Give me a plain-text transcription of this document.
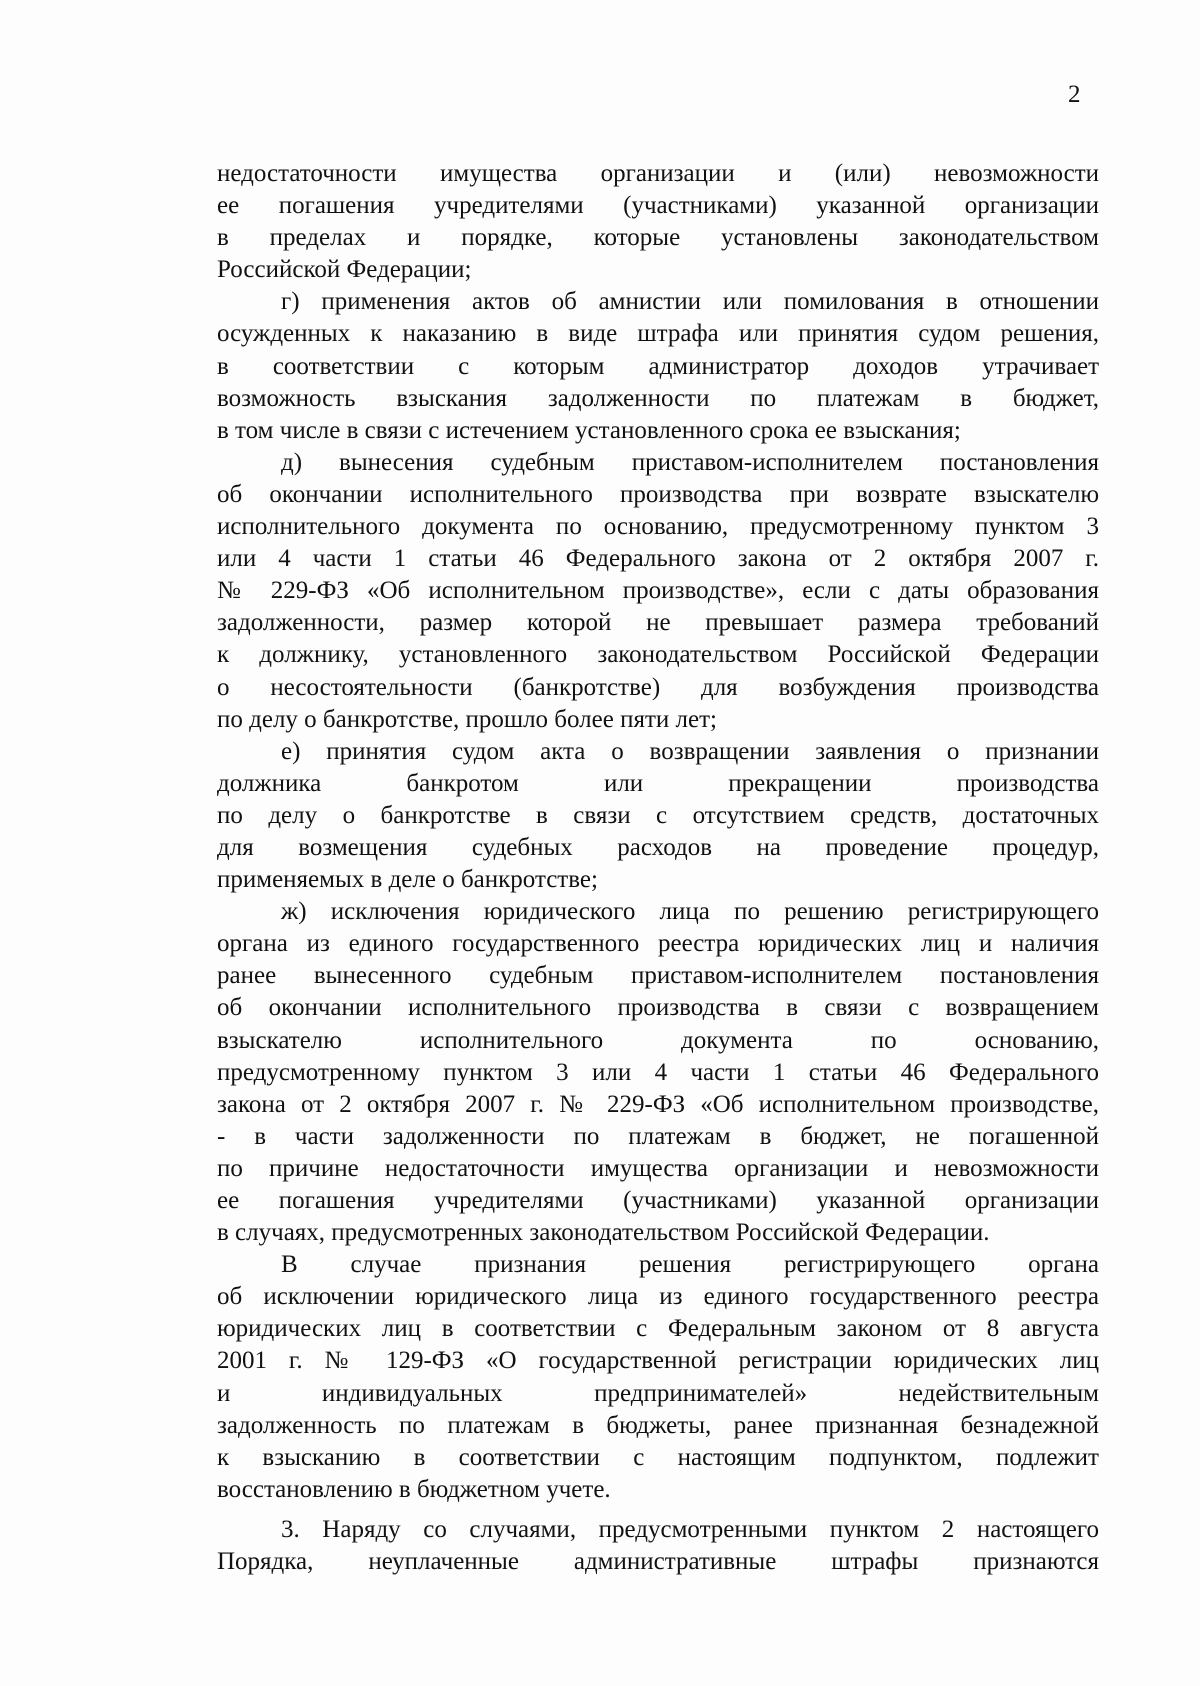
2
недостаточности имущества организации и (или) невозможности
ее погашения учредителями (участниками) указанной организации
в пределах и порядке, которые установлены законодательством
Российской Федерации;
г) применения актов об амнистии или помилования в отношении
осужденных к наказанию в виде штрафа или принятия судом решения,
в соответствии с которым администратор доходов утрачивает
возможность взыскания задолженности по платежам в бюджет,
в том числе в связи с истечением установленного срока ее взыскания;
д) вынесения судебным приставом-исполнителем постановления
об окончании исполнительного производства при возврате взыскателю
исполнительного документа по основанию, предусмотренному пунктом 3
или 4 части 1 статьи 46 Федерального закона от 2 октября 2007 г.
№ 229-ФЗ «Об исполнительном производстве», если с даты образования
задолженности, размер которой не превышает размера требований
к должнику, установленного законодательством Российской Федерации
о несостоятельности (банкротстве) для возбуждения производства
по делу о банкротстве, прошло более пяти лет;
е) принятия судом акта о возвращении заявления о признании
должника банкротом или прекращении производства
по делу о банкротстве в связи с отсутствием средств, достаточных
для возмещения судебных расходов на проведение процедур,
применяемых в деле о банкротстве;
ж) исключения юридического лица по решению регистрирующего
органа из единого государственного реестра юридических лиц и наличия
ранее вынесенного судебным приставом-исполнителем постановления
об окончании исполнительного производства в связи с возвращением
взыскателю исполнительного документа по основанию,
предусмотренному пунктом 3 или 4 части 1 статьи 46 Федерального
закона от 2 октября 2007 г. № 229-ФЗ «Об исполнительном производстве,
- в части задолженности по платежам в бюджет, не погашенной
по причине недостаточности имущества организации и невозможности
ее погашения учредителями (участниками) указанной организации
в случаях, предусмотренных законодательством Российской Федерации.
В случае признания решения регистрирующего органа
об исключении юридического лица из единого государственного реестра
юридических лиц в соответствии с Федеральным законом от 8 августа
2001 г. № 129-ФЗ «О государственной регистрации юридических лиц
и индивидуальных предпринимателей» недействительным
задолженность по платежам в бюджеты, ранее признанная безнадежной
к взысканию в соответствии с настоящим подпунктом, подлежит
восстановлению в бюджетном учете.
3. Наряду со случаями, предусмотренными пунктом 2 настоящего
Порядка, неуплаченные административные штрафы признаются
